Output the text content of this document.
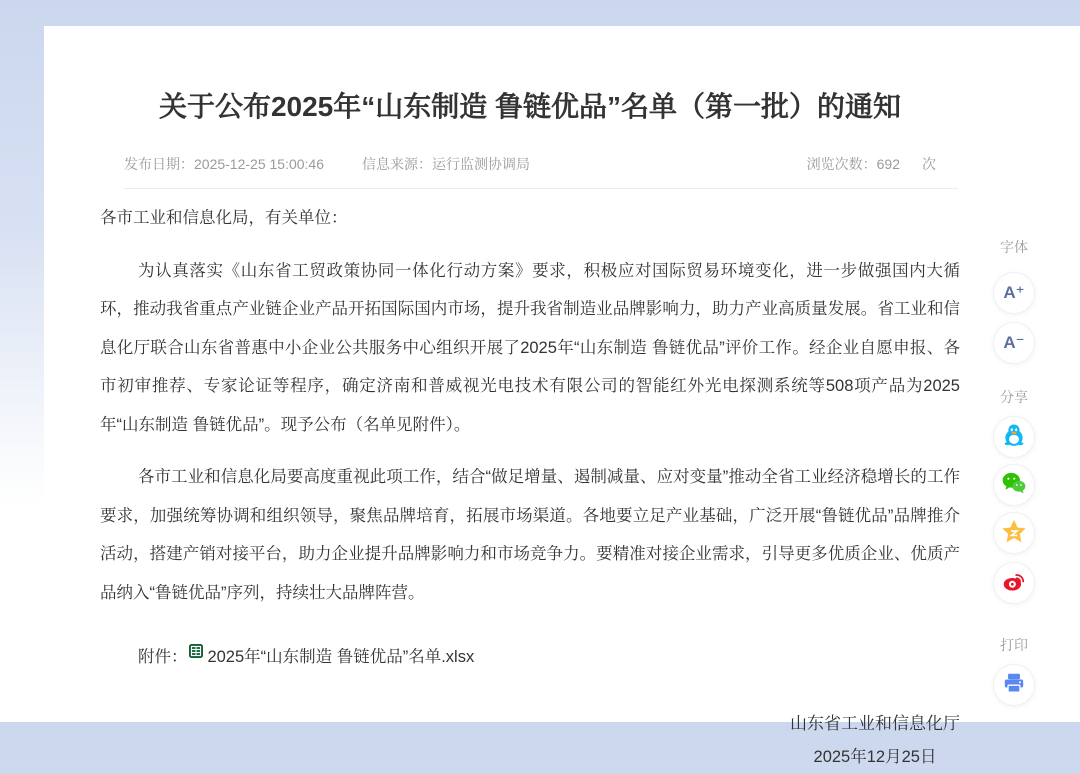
关于公布2025年“山东制造 鲁链优品”名单（第一批）的通知
发布日期：2025-12-25 15:00:46	信息来源：运行监测协调局	浏览次数：692 次

各市工业和信息化局，有关单位：

为认真落实《山东省工贸政策协同一体化行动方案》要求，积极应对国际贸易环境变化，进一步做强国内大循环，推动我省重点产业链企业产品开拓国际国内市场，提升我省制造业品牌影响力，助力产业高质量发展。省工业和信息化厅联合山东省普惠中小企业公共服务中心组织开展了2025年“山东制造 鲁链优品”评价工作。经企业自愿申报、各市初审推荐、专家论证等程序，确定济南和普威视光电技术有限公司的智能红外光电探测系统等508项产品为2025年“山东制造 鲁链优品”。现予公布（名单见附件）。

各市工业和信息化局要高度重视此项工作，结合“做足增量、遏制减量、应对变量”推动全省工业经济稳增长的工作要求，加强统筹协调和组织领导，聚焦品牌培育，拓展市场渠道。各地要立足产业基础，广泛开展“鲁链优品”品牌推介活动，搭建产销对接平台，助力企业提升品牌影响力和市场竞争力。要精准对接企业需求，引导更多优质企业、优质产品纳入“鲁链优品”序列，持续壮大品牌阵营。

附件： 2025年“山东制造 鲁链优品”名单.xlsx
山东省工业和信息化厅
2025年12月25日
字体
A⁺
A⁻
分享
打印
